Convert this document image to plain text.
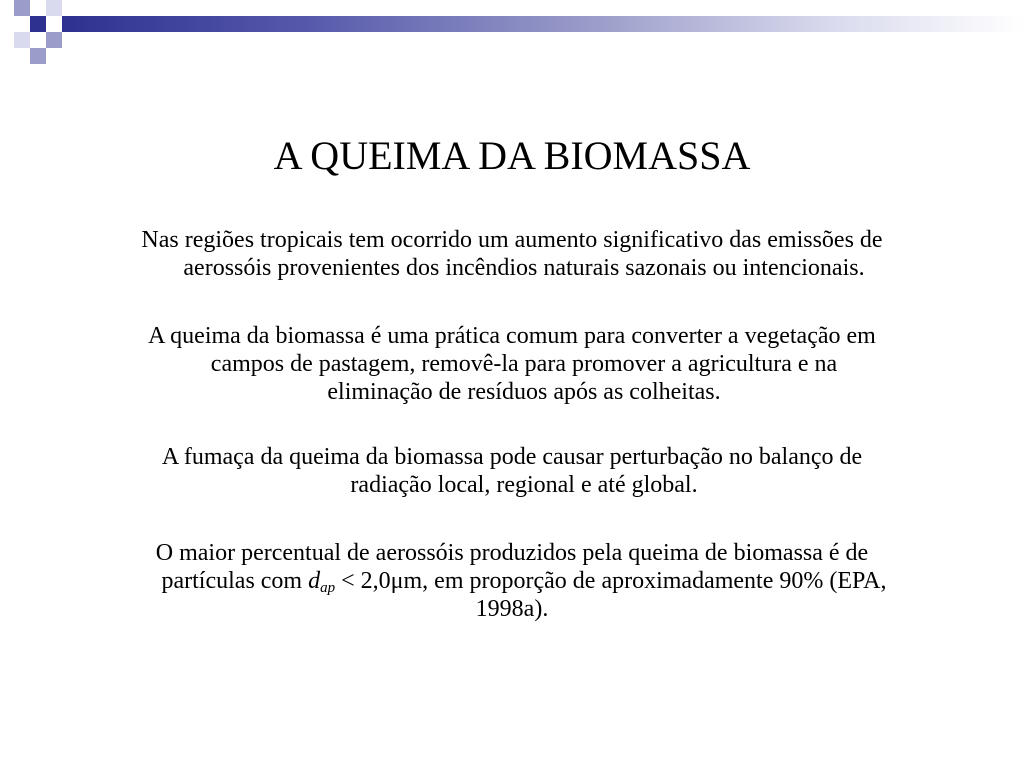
A QUEIMA DA BIOMASSA
Nas regiões tropicais tem ocorrido um aumento significativo das emissões de
aerossóis provenientes dos incêndios naturais sazonais ou intencionais.
A queima da biomassa é uma prática comum para converter a vegetação em
campos de pastagem, removê-la para promover a agricultura e na
eliminação de resíduos após as colheitas.
A fumaça da queima da biomassa pode causar perturbação no balanço de
radiação local, regional e até global.
O maior percentual de aerossóis produzidos pela queima de biomassa é de
partículas com $d_{ap} < 2,0\mu m$, em proporção de aproximadamente 90% (EPA,
1998a).
